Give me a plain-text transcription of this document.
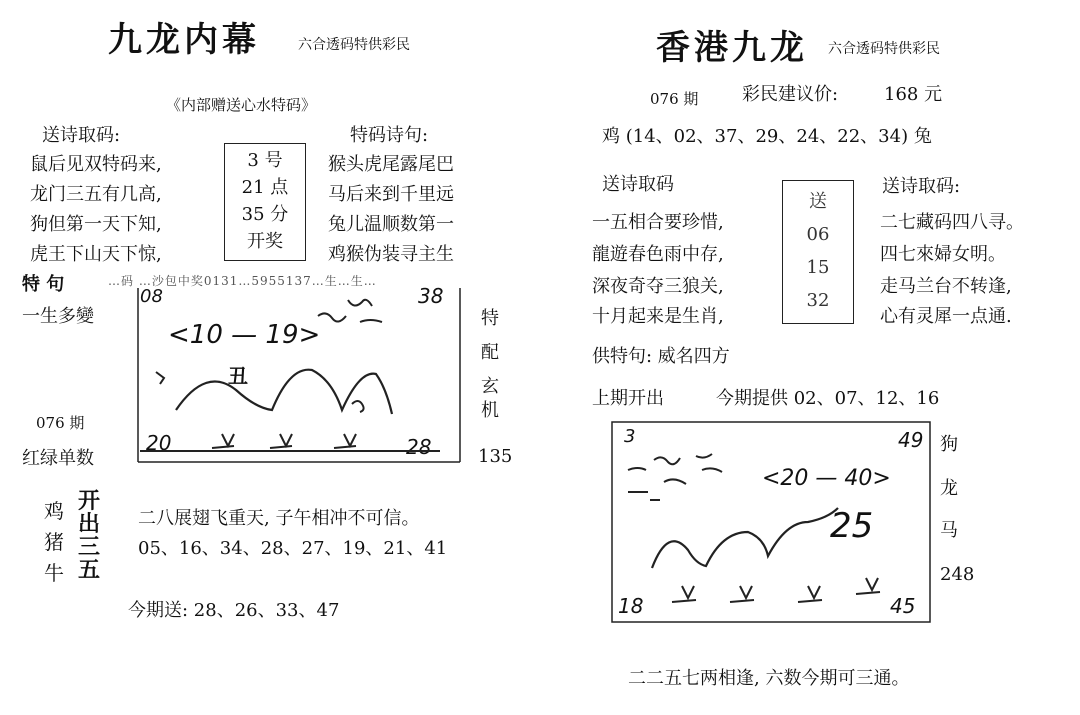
九龙内幕	六合透码特供彩民
《内部赠送心水特码》
送诗取码:	特码诗句:
鼠后见双特码来,
龙门三五有几高,
狗但第一天下知,
虎王下山天下惊,
3 号
21 点
35 分
开奖
猴头虎尾露尾巴
马后来到千里远
兔儿温顺数第一
鸡猴伪装寻主生
特 句	…码 …沙包中奖0131…5955137…生…生…
一生多變
08	38
<10 — 19>
丑
20	28
特
配
玄
机
076 期
红绿单数	135
鸡
猪
牛
开
出
三
五
二八展翅飞重天, 子午相冲不可信。
05、16、34、28、27、19、21、41
今期送: 28、26、33、47
香港九龙 六合透码特供彩民
076 期 彩民建议价:	168 元
鸡 (14、02、37、29、24、22、34) 兔
送诗取码	送诗取码:
一五相合要珍惜,
龍遊春色雨中存,
深夜奇夺三狼关,
十月起来是生肖,
送
06
15
32
二七藏码四八寻。
四七來婦女明。
走马兰台不转逢,
心有灵犀一点通.
供特句: 威名四方
上期开出	今期提供 02、07、12、16
3	49
<20 — 40>
25
18	45
狗
龙
马
248
二二五七两相逢, 六数今期可三通。
